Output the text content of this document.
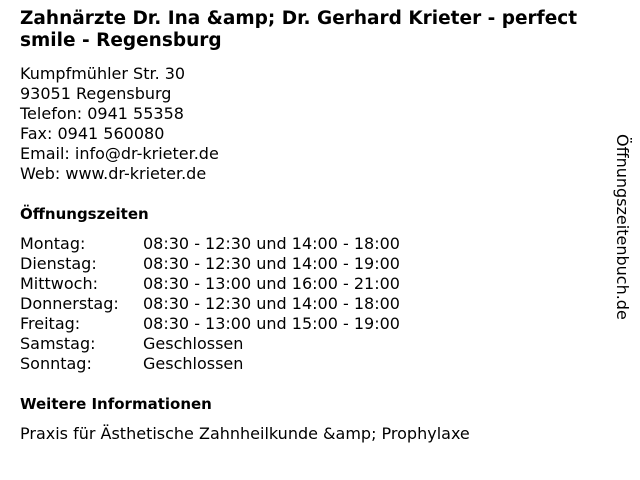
Zahnärzte Dr. Ina &amp; Dr. Gerhard Krieter - perfect smile - Regensburg
Kumpfmühler Str. 30
93051 Regensburg
Telefon: 0941 55358
Fax: 0941 560080
Email: info@dr-krieter.de
Web: www.dr-krieter.de
Öffnungszeiten
Montag:	08:30 - 12:30 und 14:00 - 18:00
Dienstag:	08:30 - 12:30 und 14:00 - 19:00
Mittwoch:	08:30 - 13:00 und 16:00 - 21:00
Donnerstag:	08:30 - 12:30 und 14:00 - 18:00
Freitag:	08:30 - 13:00 und 15:00 - 19:00
Samstag:	Geschlossen
Sonntag:	Geschlossen
Weitere Informationen
Praxis für Ästhetische Zahnheilkunde &amp; Prophylaxe
Öffnungszeitenbuch.de
